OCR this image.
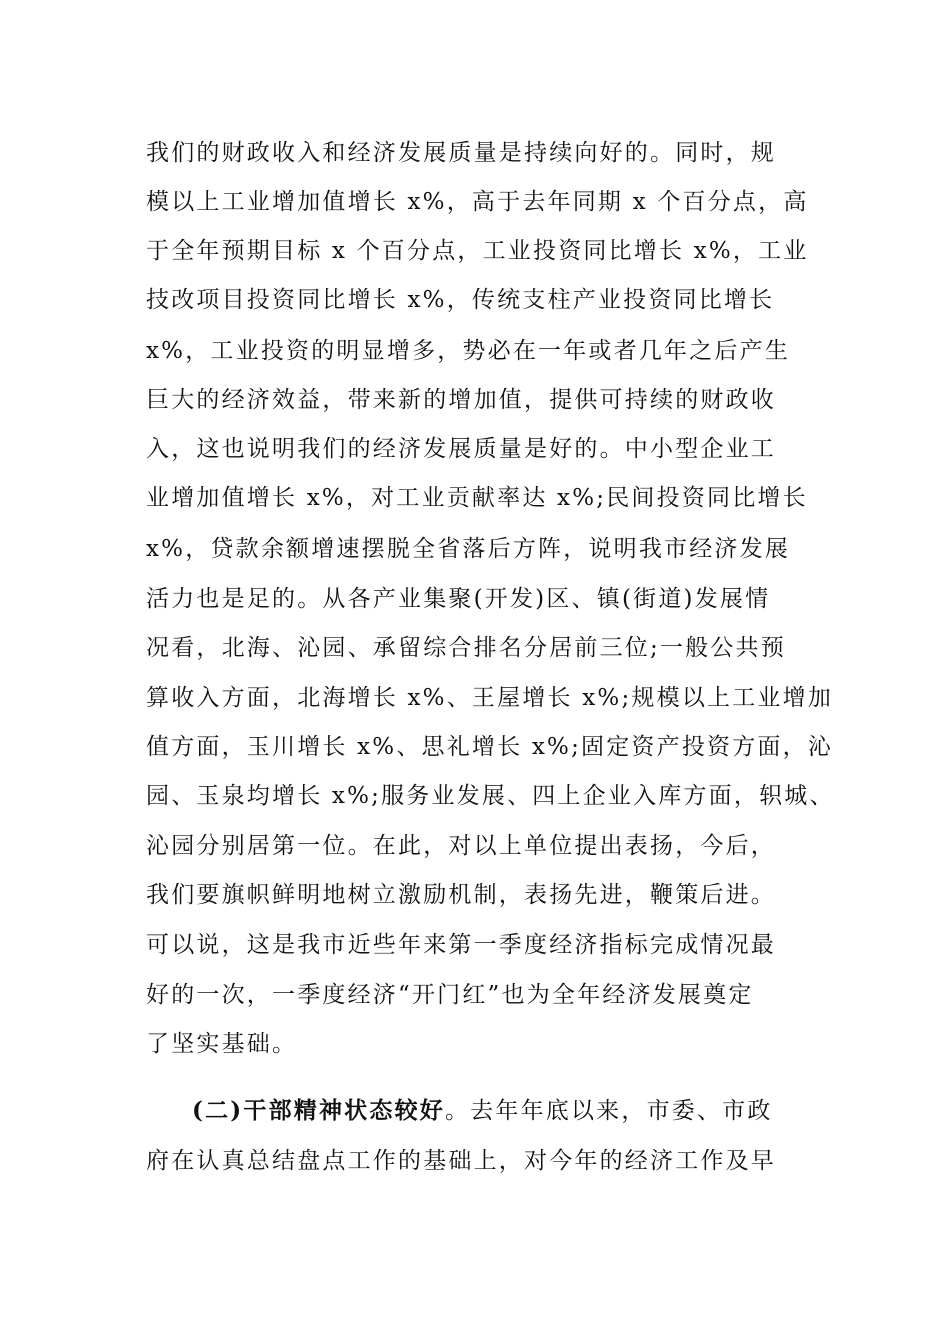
我们的财政收入和经济发展质量是持续向好的。同时，规
模以上工业增加值增长 x%，高于去年同期 x 个百分点，高
于全年预期目标 x 个百分点，工业投资同比增长 x%，工业
技改项目投资同比增长 x%，传统支柱产业投资同比增长
x%，工业投资的明显增多，势必在一年或者几年之后产生
巨大的经济效益，带来新的增加值，提供可持续的财政收
入，这也说明我们的经济发展质量是好的。中小型企业工
业增加值增长 x%，对工业贡献率达 x%;民间投资同比增长
x%，贷款余额增速摆脱全省落后方阵，说明我市经济发展
活力也是足的。从各产业集聚(开发)区、镇(街道)发展情
况看，北海、沁园、承留综合排名分居前三位;一般公共预
算收入方面，北海增长 x%、王屋增长 x%;规模以上工业增加
值方面，玉川增长 x%、思礼增长 x%;固定资产投资方面，沁
园、玉泉均增长 x%;服务业发展、四上企业入库方面，轵城、
沁园分别居第一位。在此，对以上单位提出表扬，今后，
我们要旗帜鲜明地树立激励机制，表扬先进，鞭策后进。
可以说，这是我市近些年来第一季度经济指标完成情况最
好的一次，一季度经济“开门红”也为全年经济发展奠定
了坚实基础。
(二)干部精神状态较好。去年年底以来，市委、市政
府在认真总结盘点工作的基础上，对今年的经济工作及早
